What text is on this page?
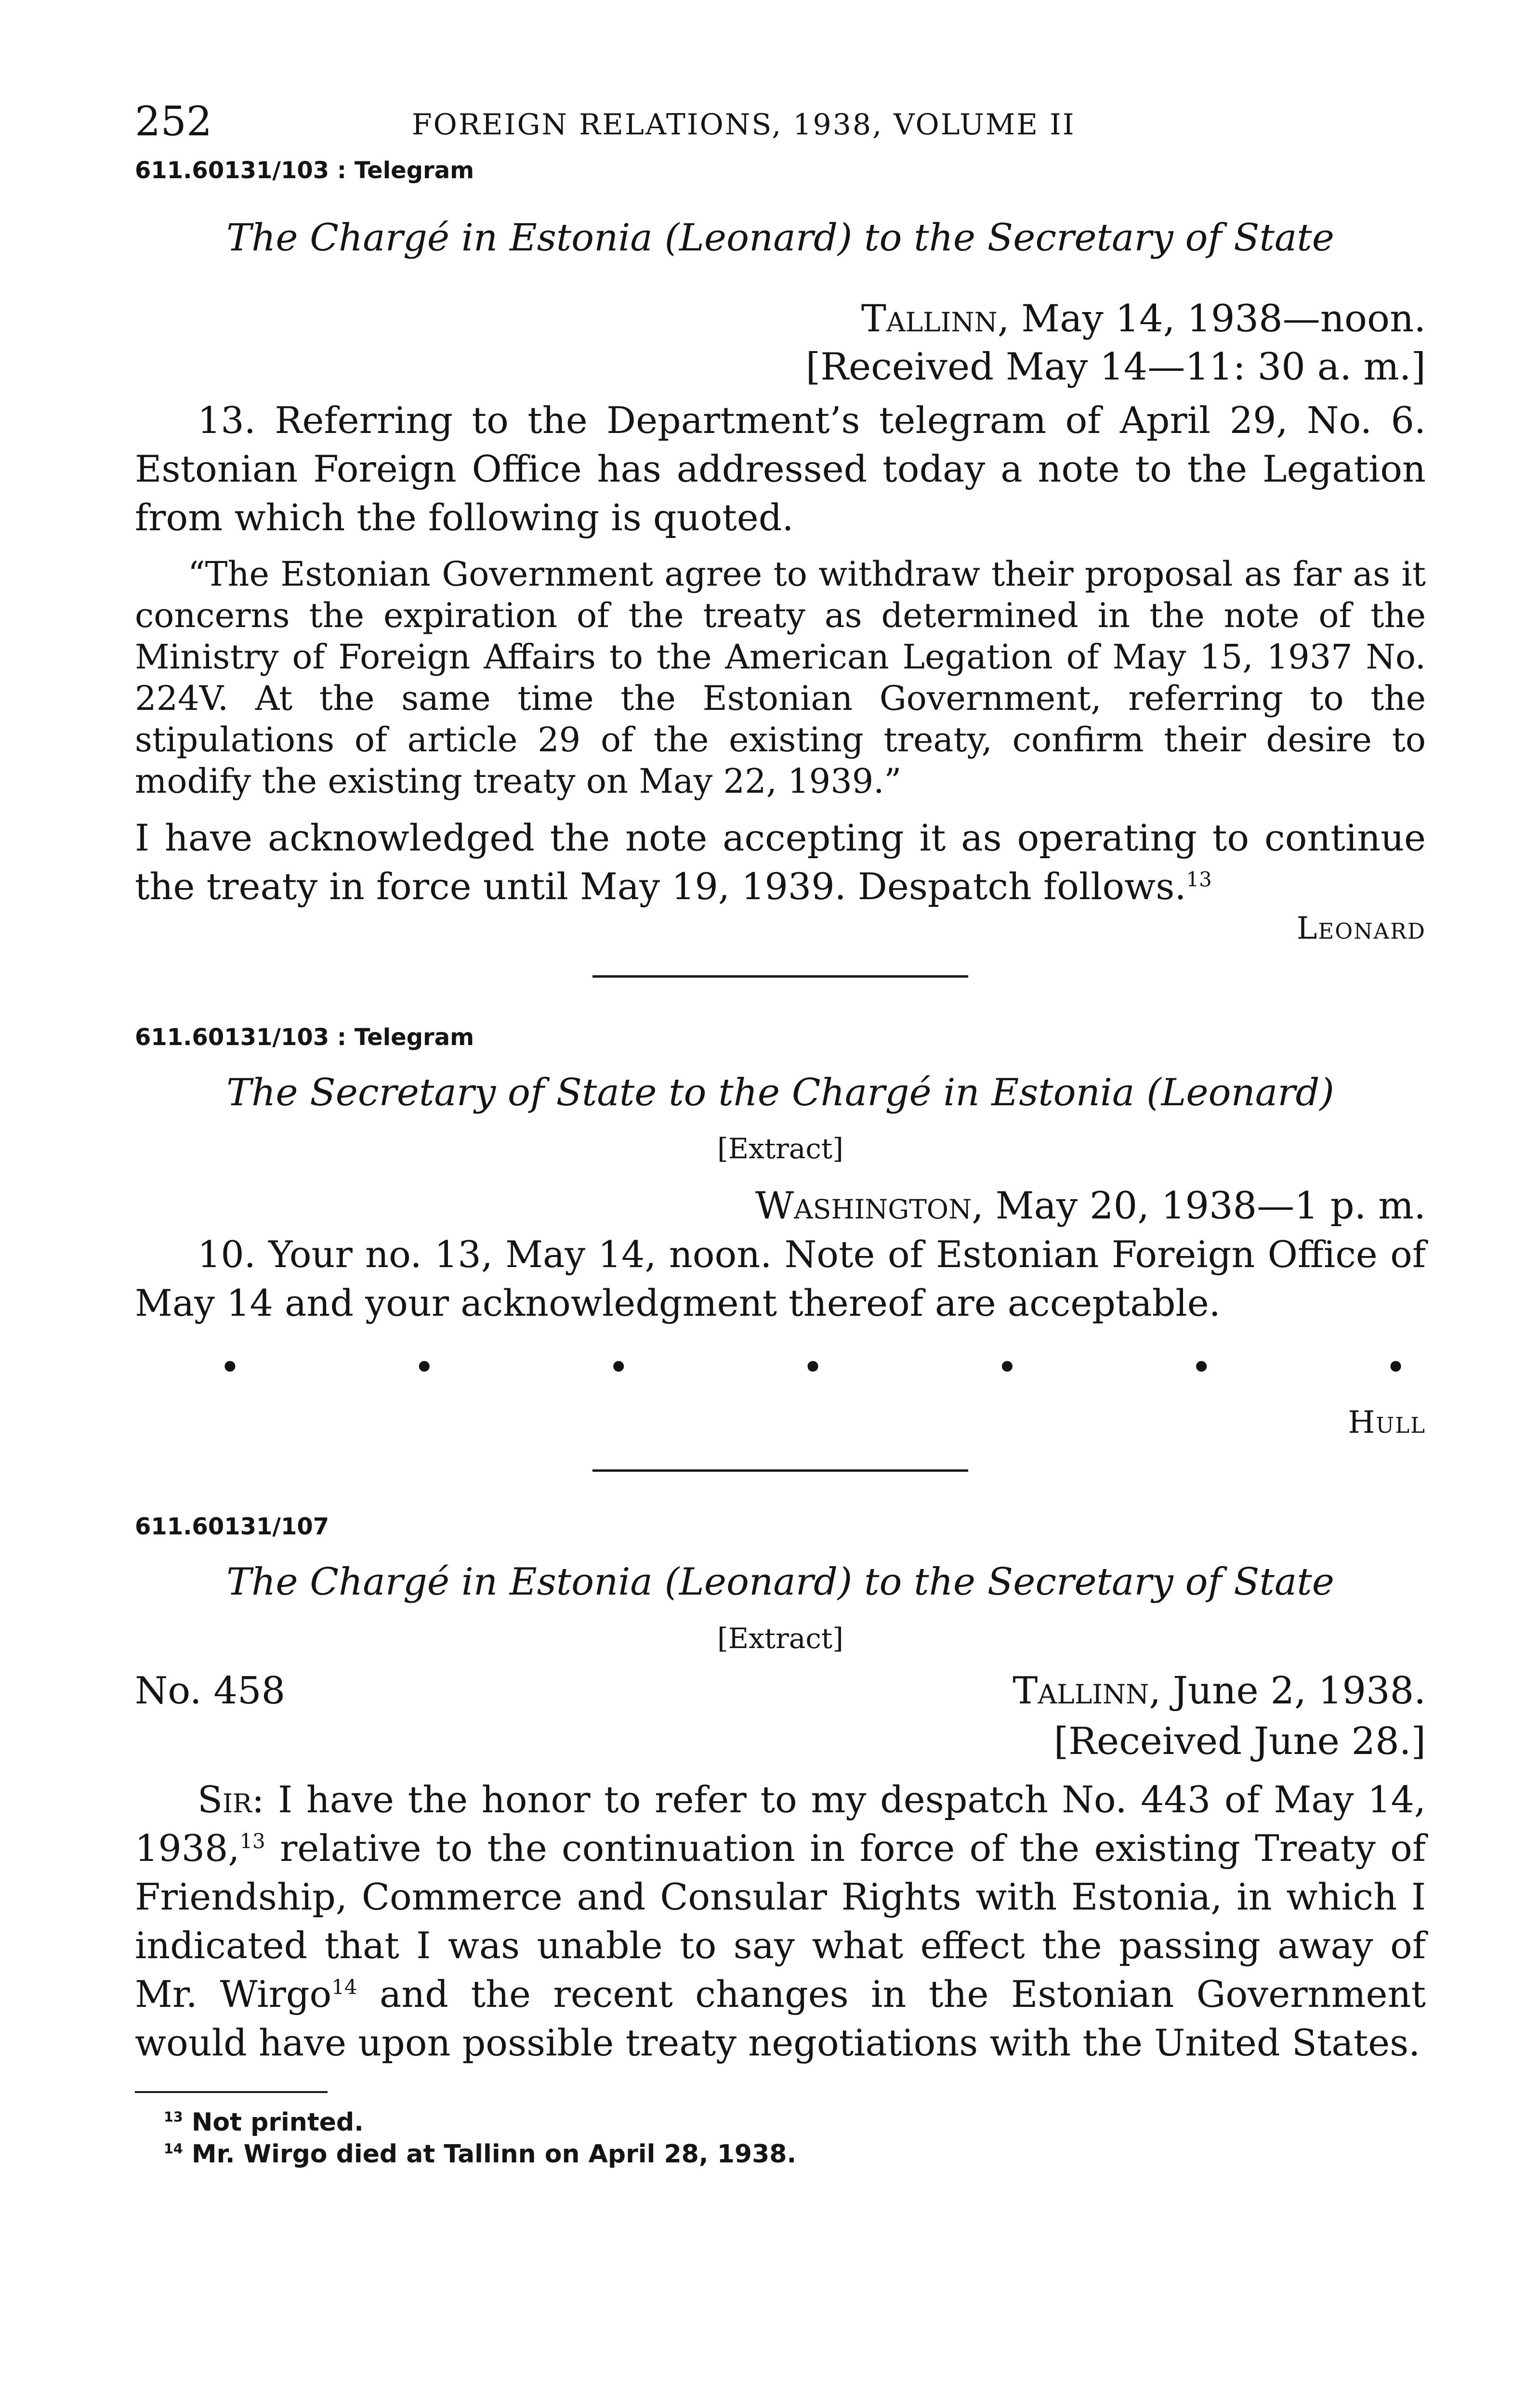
252	FOREIGN RELATIONS, 1938, VOLUME II
611.60131/103 : Telegram
The Chargé in Estonia (Leonard) to the Secretary of State
Tallinn, May 14, 1938—noon.
[Received May 14—11: 30 a. m.]
13. Referring to the Department’s telegram of April 29, No. 6. Estonian Foreign Office has addressed today a note to the Legation from which the following is quoted.
“The Estonian Government agree to withdraw their proposal as far as it concerns the expiration of the treaty as determined in the note of the Ministry of Foreign Affairs to the American Legation of May 15, 1937 No. 224V. At the same time the Estonian Government, referring to the stipulations of article 29 of the existing treaty, confirm their desire to modify the existing treaty on May 22, 1939.”
I have acknowledged the note accepting it as operating to continue the treaty in force until May 19, 1939. Despatch follows.$^{13}$
Leonard
611.60131/103 : Telegram
The Secretary of State to the Chargé in Estonia (Leonard)
[Extract]
Washington, May 20, 1938—1 p. m.
10. Your no. 13, May 14, noon. Note of Estonian Foreign Office of May 14 and your acknowledgment thereof are acceptable.
•	•	•	•	•	•	•
Hull
611.60131/107
The Chargé in Estonia (Leonard) to the Secretary of State
[Extract]
No. 458	Tallinn, June 2, 1938.
[Received June 28.]
Sir: I have the honor to refer to my despatch No. 443 of May 14, 1938,13 relative to the continuation in force of the existing Treaty of Friendship, Commerce and Consular Rights with Estonia, in which I indicated that I was unable to say what effect the passing away of Mr. Wirgo$^{14}$ and the recent changes in the Estonian Government would have upon possible treaty negotiations with the United States.
$^{13}$ Not printed.
$^{14}$ Mr. Wirgo died at Tallinn on April 28, 1938.
